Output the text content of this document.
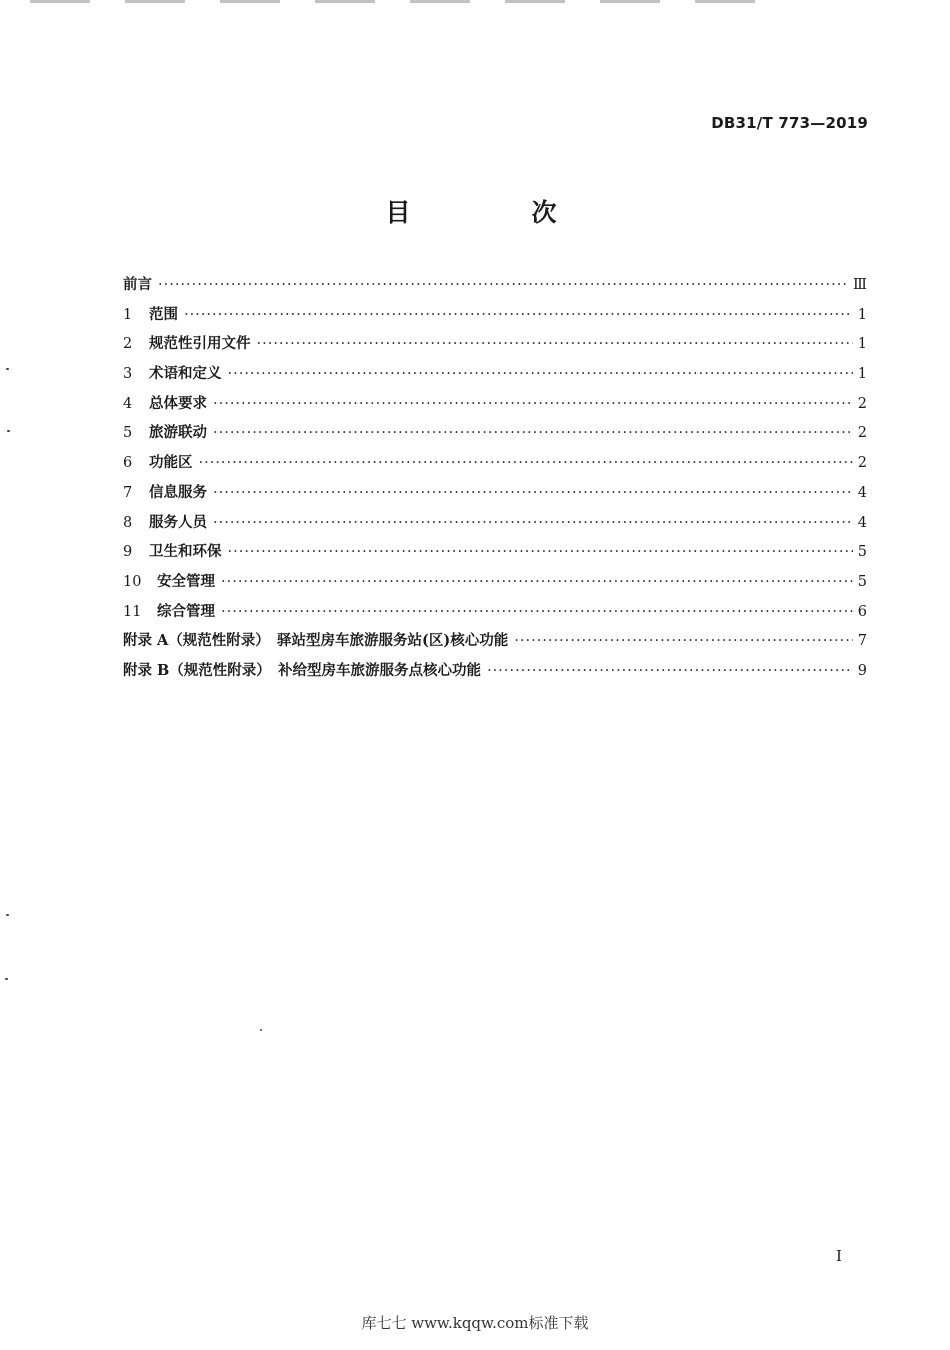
DB31/T 773—2019
目　次
前言 ·····	Ⅲ
1	范围 ·····	1
2	规范性引用文件 ·····	1
3	术语和定义 ·····	1
4	总体要求 ·····	2
5	旅游联动 ·····	2
6	功能区 ·····	2
7	信息服务 ·····	4
8	服务人员 ·····	4
9	卫生和环保 ·····	5
10	安全管理 ·····	5
11	综合管理 ·····	6
附录 A（规范性附录）　驿站型房车旅游服务站(区)核心功能 ·····	7
附录 B（规范性附录）　补给型房车旅游服务点核心功能 ·····	9
I
库七七 www.kqqw.com标准下载
